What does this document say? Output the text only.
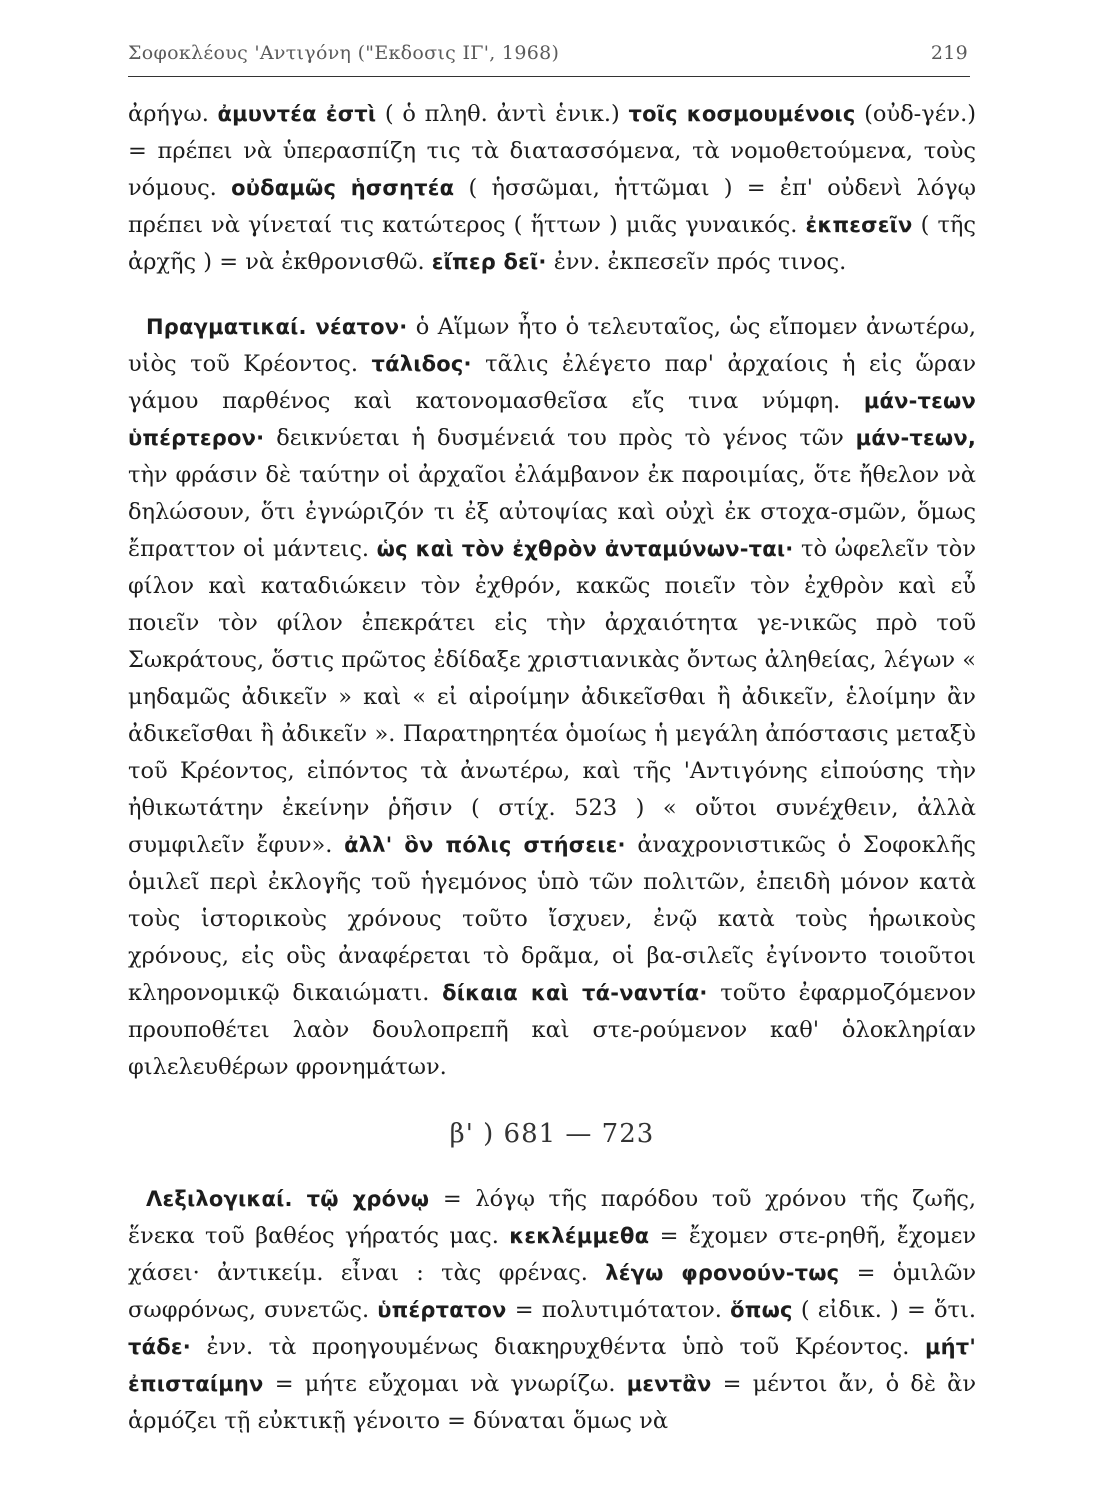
Σοφοκλέους 'Αντιγόνη ("Εκδοσις ΙΓ', 1968)	219

ἀρήγω. ἀμυντέα ἐστὶ ( ὁ πληθ. ἀντὶ ἑνικ.) τοῖς κοσμουμένοις (οὐδ-γέν.) = πρέπει νὰ ὑπερασπίζη τις τὰ διατασσόμενα, τὰ νομοθετούμενα, τοὺς νόμους. οὐδαμῶς ἡσσητέα ( ἡσσῶμαι, ἡττῶμαι ) = ἐπ' οὐδενὶ λόγῳ πρέπει νὰ γίνεταί τις κατώτερος ( ἥττων ) μιᾶς γυναικός. ἐκπεσεῖν ( τῆς ἀρχῆς ) = νὰ ἐκθρονισθῶ. εἴπερ δεῖ· ἐνν. ἐκπεσεῖν πρός τινος.

Πραγματικαί. νέατον· ὁ Αἵμων ἦτο ὁ τελευταῖος, ὡς εἴπομεν ἀνωτέρω, υἱὸς τοῦ Κρέοντος. τάλιδος· τᾶλις ἐλέγετο παρ' ἀρχαίοις ἡ εἰς ὥραν γάμου παρθένος καὶ κατονομασθεῖσα εἴς τινα νύμφη. μάν-τεων ὑπέρτερον· δεικνύεται ἡ δυσμένειά του πρὸς τὸ γένος τῶν μάν-τεων, τὴν φράσιν δὲ ταύτην οἱ ἀρχαῖοι ἐλάμβανον ἐκ παροιμίας, ὅτε ἤθελον νὰ δηλώσουν, ὅτι ἐγνώριζόν τι ἐξ αὐτοψίας καὶ οὐχὶ ἐκ στοχα-σμῶν, ὅμως ἔπραττον οἱ μάντεις. ὡς καὶ τὸν ἐχθρὸν ἀνταμύνων-ται· τὸ ὠφελεῖν τὸν φίλον καὶ καταδιώκειν τὸν ἐχθρόν, κακῶς ποιεῖν τὸν ἐχθρὸν καὶ εὖ ποιεῖν τὸν φίλον ἐπεκράτει εἰς τὴν ἀρχαιότητα γε-νικῶς πρὸ τοῦ Σωκράτους, ὅστις πρῶτος ἐδίδαξε χριστιανικὰς ὄντως ἀληθείας, λέγων « μηδαμῶς ἀδικεῖν » καὶ « εἰ αἱροίμην ἀδικεῖσθαι ἢ ἀδικεῖν, ἑλοίμην ἂν ἀδικεῖσθαι ἢ ἀδικεῖν ». Παρατηρητέα ὁμοίως ἡ μεγάλη ἀπόστασις μεταξὺ τοῦ Κρέοντος, εἰπόντος τὰ ἀνωτέρω, καὶ τῆς 'Αντιγόνης εἰπούσης τὴν ἠθικωτάτην ἐκείνην ῥῆσιν ( στίχ. 523 ) « οὔτοι συνέχθειν, ἀλλὰ συμφιλεῖν ἔφυν». ἀλλ' ὃν πόλις στήσειε· ἀναχρονιστικῶς ὁ Σοφοκλῆς ὁμιλεῖ περὶ ἐκλογῆς τοῦ ἡγεμόνος ὑπὸ τῶν πολιτῶν, ἐπειδὴ μόνον κατὰ τοὺς ἱστορικοὺς χρόνους τοῦτο ἴσχυεν, ἐνῷ κατὰ τοὺς ἡρωικοὺς χρόνους, εἰς οὓς ἀναφέρεται τὸ δρᾶμα, οἱ βα-σιλεῖς ἐγίνοντο τοιοῦτοι κληρονομικῷ δικαιώματι. δίκαια καὶ τά-ναντία· τοῦτο ἐφαρμοζόμενον προυποθέτει λαὸν δουλοπρεπῆ καὶ στε-ρούμενον καθ' ὁλοκληρίαν φιλελευθέρων φρονημάτων.

β' ) 681 — 723

Λεξιλογικαί. τῷ χρόνῳ = λόγῳ τῆς παρόδου τοῦ χρόνου τῆς ζωῆς, ἕνεκα τοῦ βαθέος γήρατός μας. κεκλέμμεθα = ἔχομεν στε-ρηθῆ, ἔχομεν χάσει· ἀντικείμ. εἶναι : τὰς φρένας. λέγω φρονούν-τως = ὁμιλῶν σωφρόνως, συνετῶς. ὑπέρτατον = πολυτιμότατον. ὅπως ( εἰδικ. ) = ὅτι. τάδε· ἐνν. τὰ προηγουμένως διακηρυχθέντα ὑπὸ τοῦ Κρέοντος. μήτ' ἐπισταίμην = μήτε εὔχομαι νὰ γνωρίζω. μεντἂν = μέντοι ἄν, ὁ δὲ ἂν ἁρμόζει τῇ εὐκτικῇ γένοιτο = δύναται ὅμως νὰ
